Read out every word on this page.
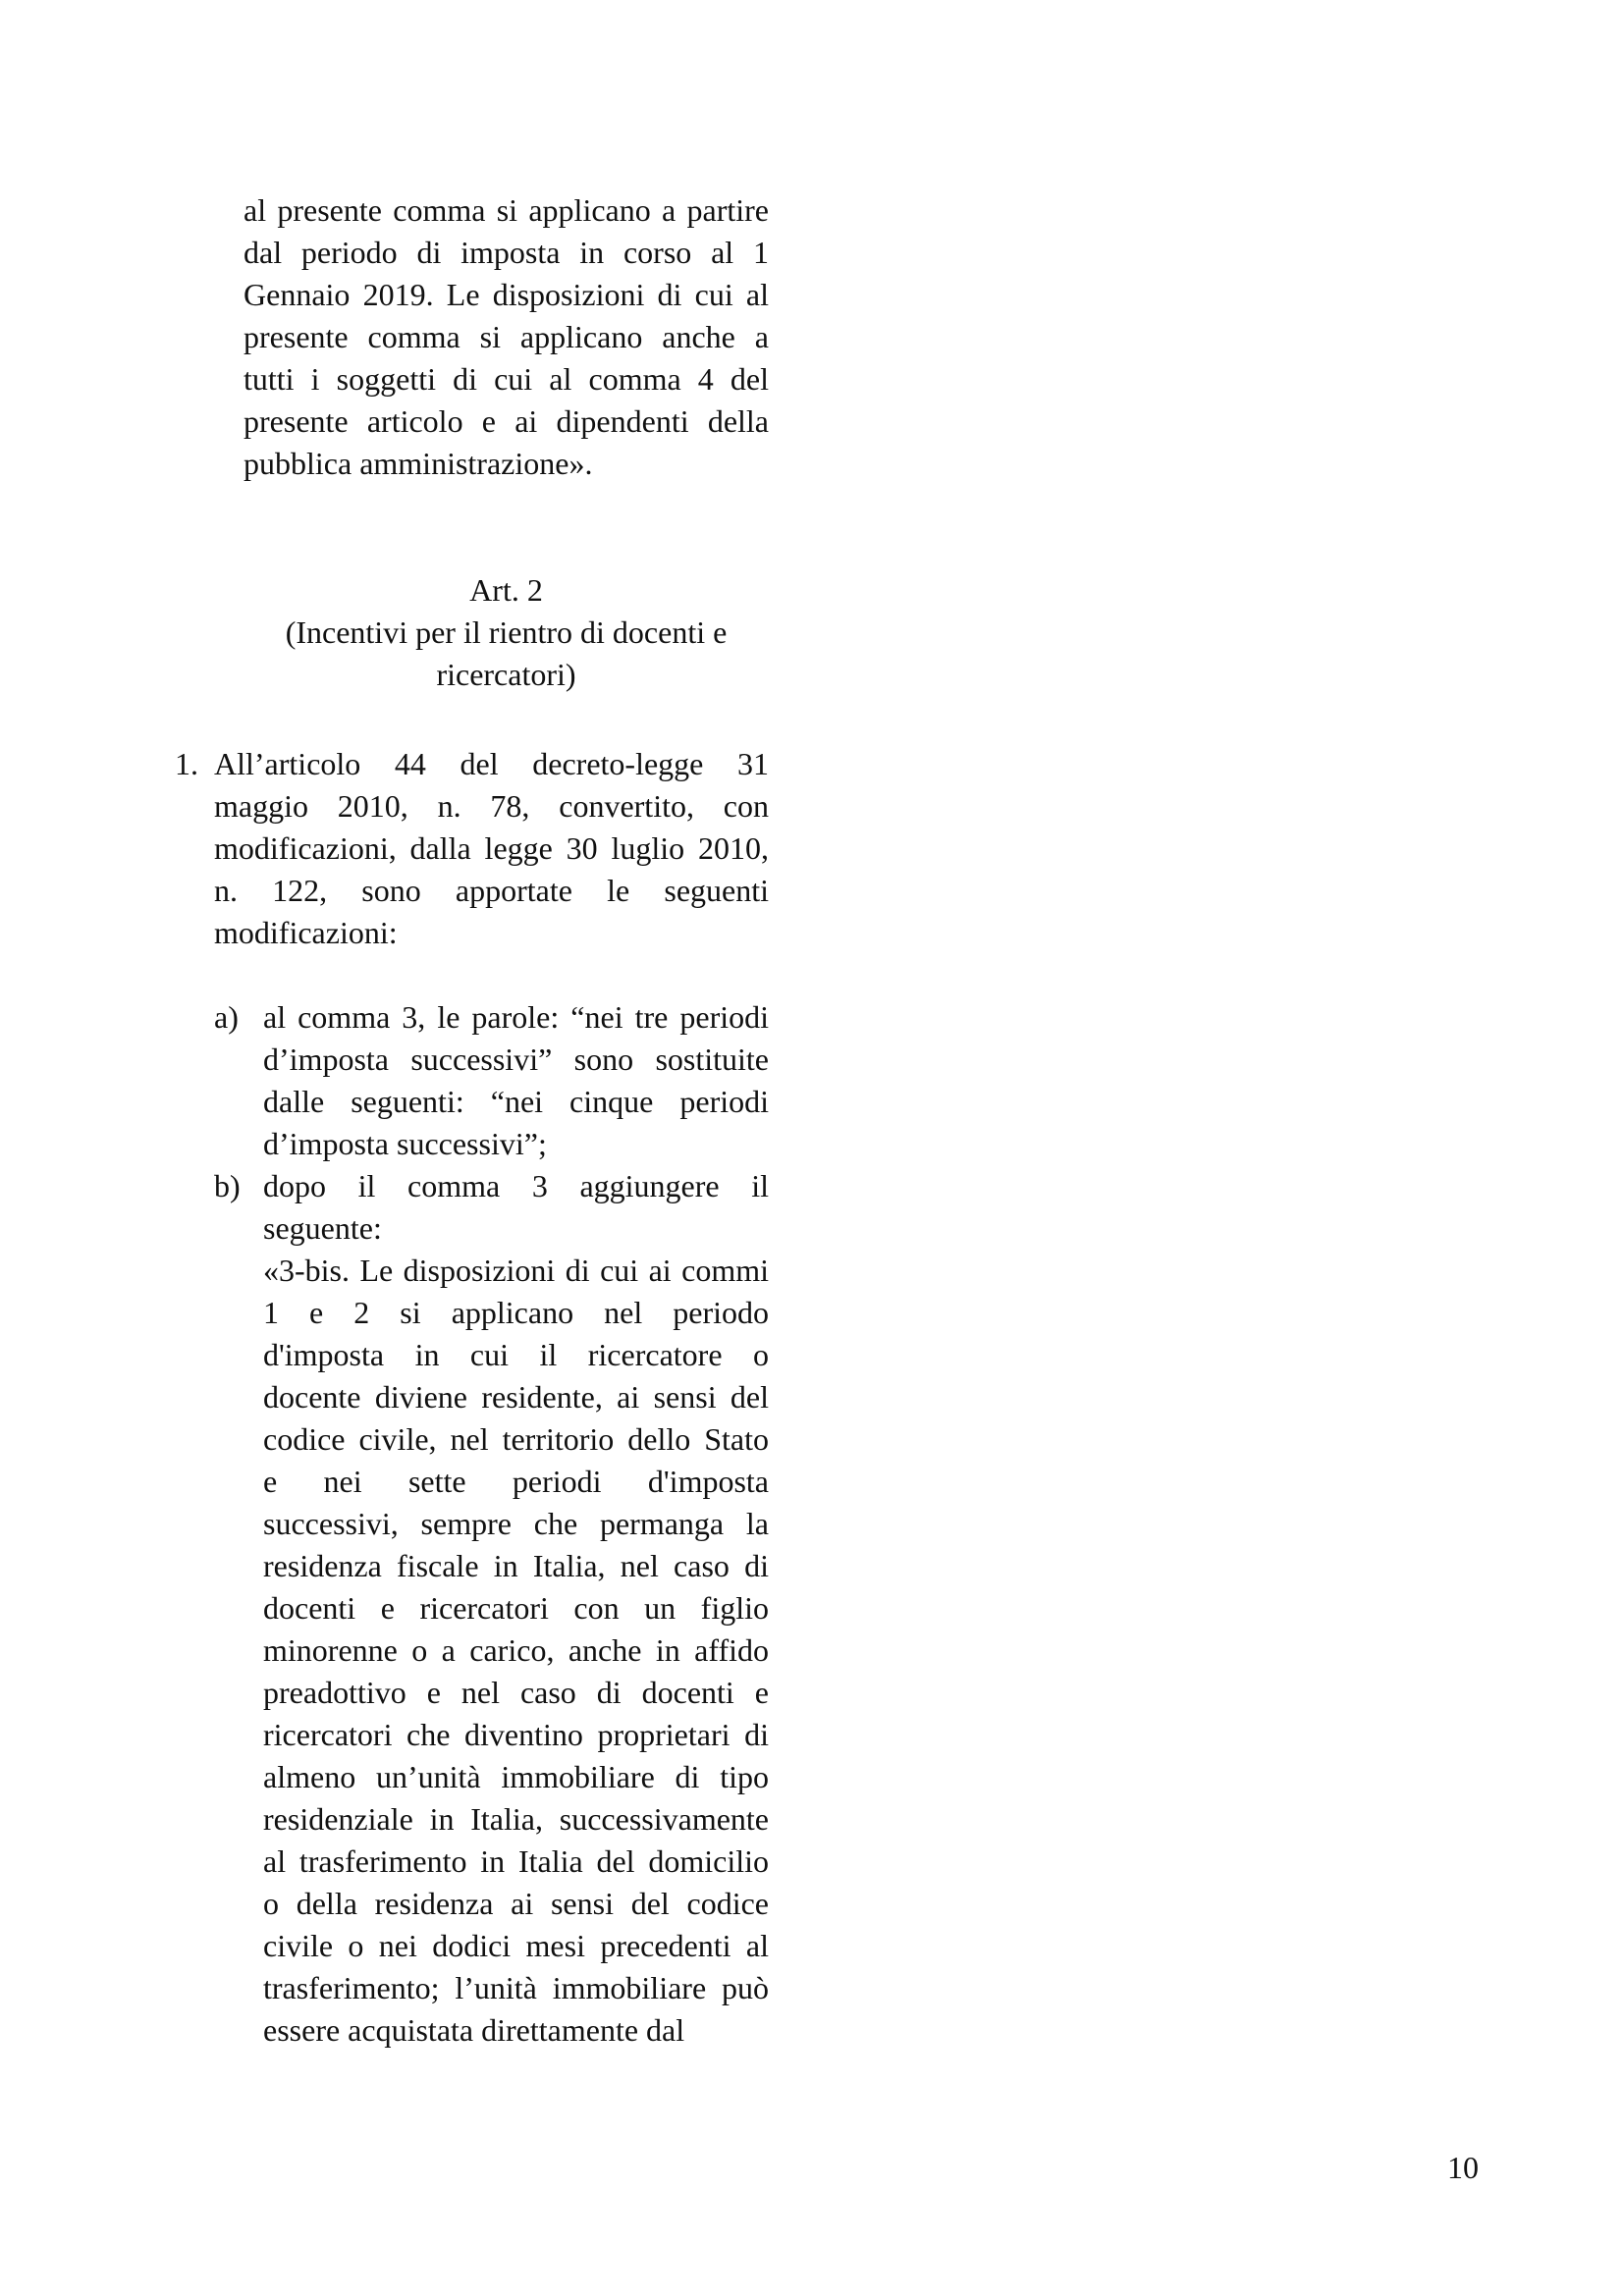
al presente comma si applicano a partire
dal periodo di imposta in corso al 1
Gennaio 2019. Le disposizioni di cui al
presente comma si applicano anche a
tutti i soggetti di cui al comma 4 del
presente articolo e ai dipendenti della
pubblica amministrazione».
Art. 2
(Incentivi per il rientro di docenti e
ricercatori)
1. All’articolo 44 del decreto-legge 31
maggio 2010, n. 78, convertito, con
modificazioni, dalla legge 30 luglio 2010,
n. 122, sono apportate le seguenti
modificazioni:
a) al comma 3, le parole: “nei tre periodi
d’imposta successivi” sono sostituite
dalle seguenti: “nei cinque periodi
d’imposta successivi”;
b) dopo il comma 3 aggiungere il
seguente:
«3-bis. Le disposizioni di cui ai commi
1 e 2 si applicano nel periodo
d'imposta in cui il ricercatore o
docente diviene residente, ai sensi del
codice civile, nel territorio dello Stato
e nei sette periodi d'imposta
successivi, sempre che permanga la
residenza fiscale in Italia, nel caso di
docenti e ricercatori con un figlio
minorenne o a carico, anche in affido
preadottivo e nel caso di docenti e
ricercatori che diventino proprietari di
almeno un’unità immobiliare di tipo
residenziale in Italia, successivamente
al trasferimento in Italia del domicilio
o della residenza ai sensi del codice
civile o nei dodici mesi precedenti al
trasferimento; l’unità immobiliare può
essere acquistata direttamente dal
10
